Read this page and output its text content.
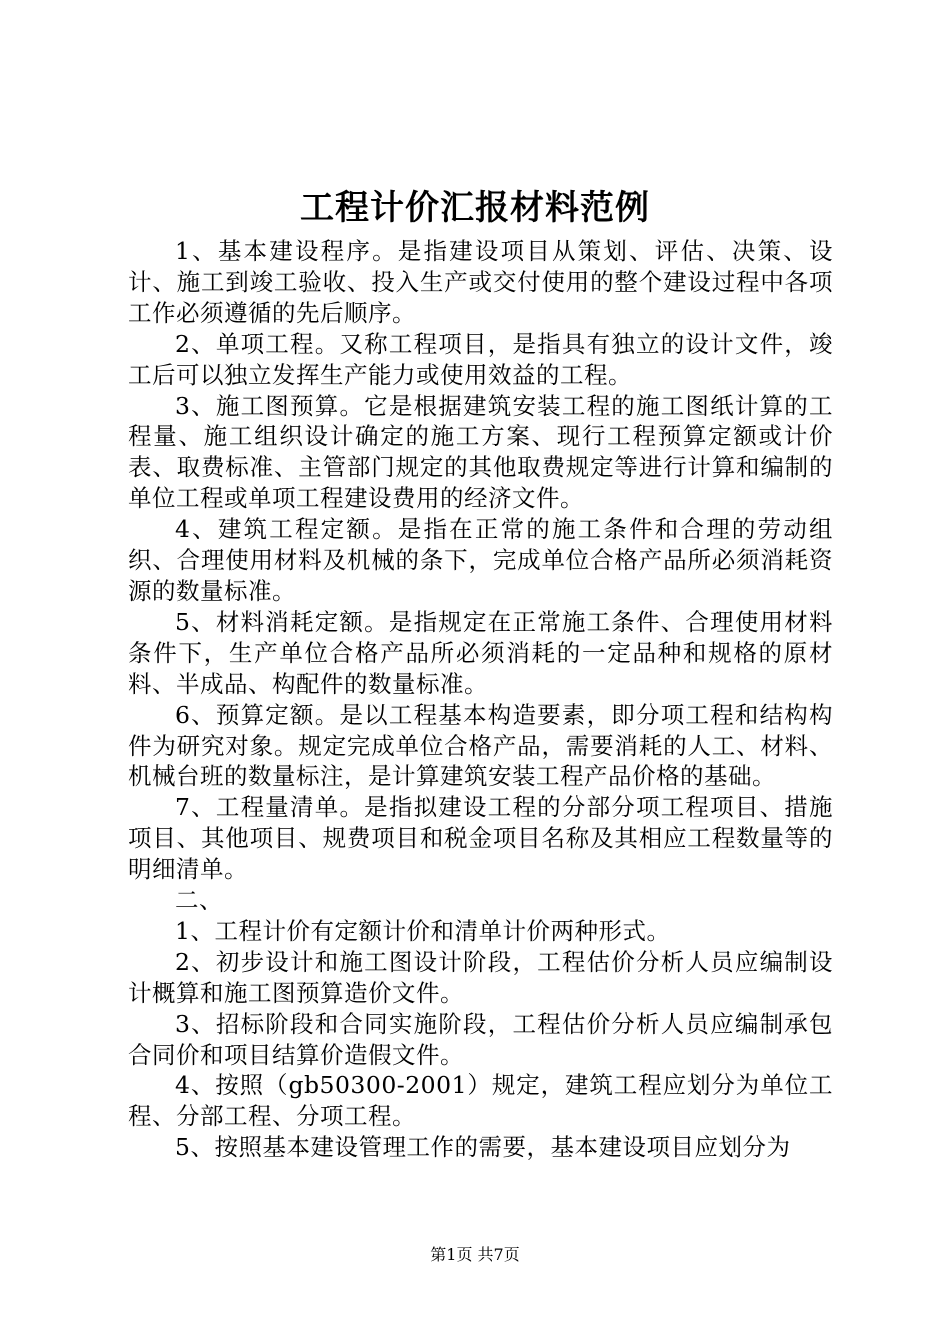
工程计价汇报材料范例

1、基本建设程序。是指建设项目从策划、评估、决策、设计、施工到竣工验收、投入生产或交付使用的整个建设过程中各项工作必须遵循的先后顺序。

2、单项工程。又称工程项目，是指具有独立的设计文件，竣工后可以独立发挥生产能力或使用效益的工程。

3、施工图预算。它是根据建筑安装工程的施工图纸计算的工程量、施工组织设计确定的施工方案、现行工程预算定额或计价表、取费标准、主管部门规定的其他取费规定等进行计算和编制的单位工程或单项工程建设费用的经济文件。

4、建筑工程定额。是指在正常的施工条件和合理的劳动组织、合理使用材料及机械的条下，完成单位合格产品所必须消耗资源的数量标准。

5、材料消耗定额。是指规定在正常施工条件、合理使用材料条件下，生产单位合格产品所必须消耗的一定品种和规格的原材料、半成品、构配件的数量标准。

6、预算定额。是以工程基本构造要素，即分项工程和结构构件为研究对象。规定完成单位合格产品，需要消耗的人工、材料、机械台班的数量标注，是计算建筑安装工程产品价格的基础。

7、工程量清单。是指拟建设工程的分部分项工程项目、措施项目、其他项目、规费项目和税金项目名称及其相应工程数量等的明细清单。

二、

1、工程计价有定额计价和清单计价两种形式。

2、初步设计和施工图设计阶段，工程估价分析人员应编制设计概算和施工图预算造价文件。

3、招标阶段和合同实施阶段，工程估价分析人员应编制承包合同价和项目结算价造假文件。

4、按照（gb50300-2001）规定，建筑工程应划分为单位工程、分部工程、分项工程。

5、按照基本建设管理工作的需要，基本建设项目应划分为

第1页 共7页
